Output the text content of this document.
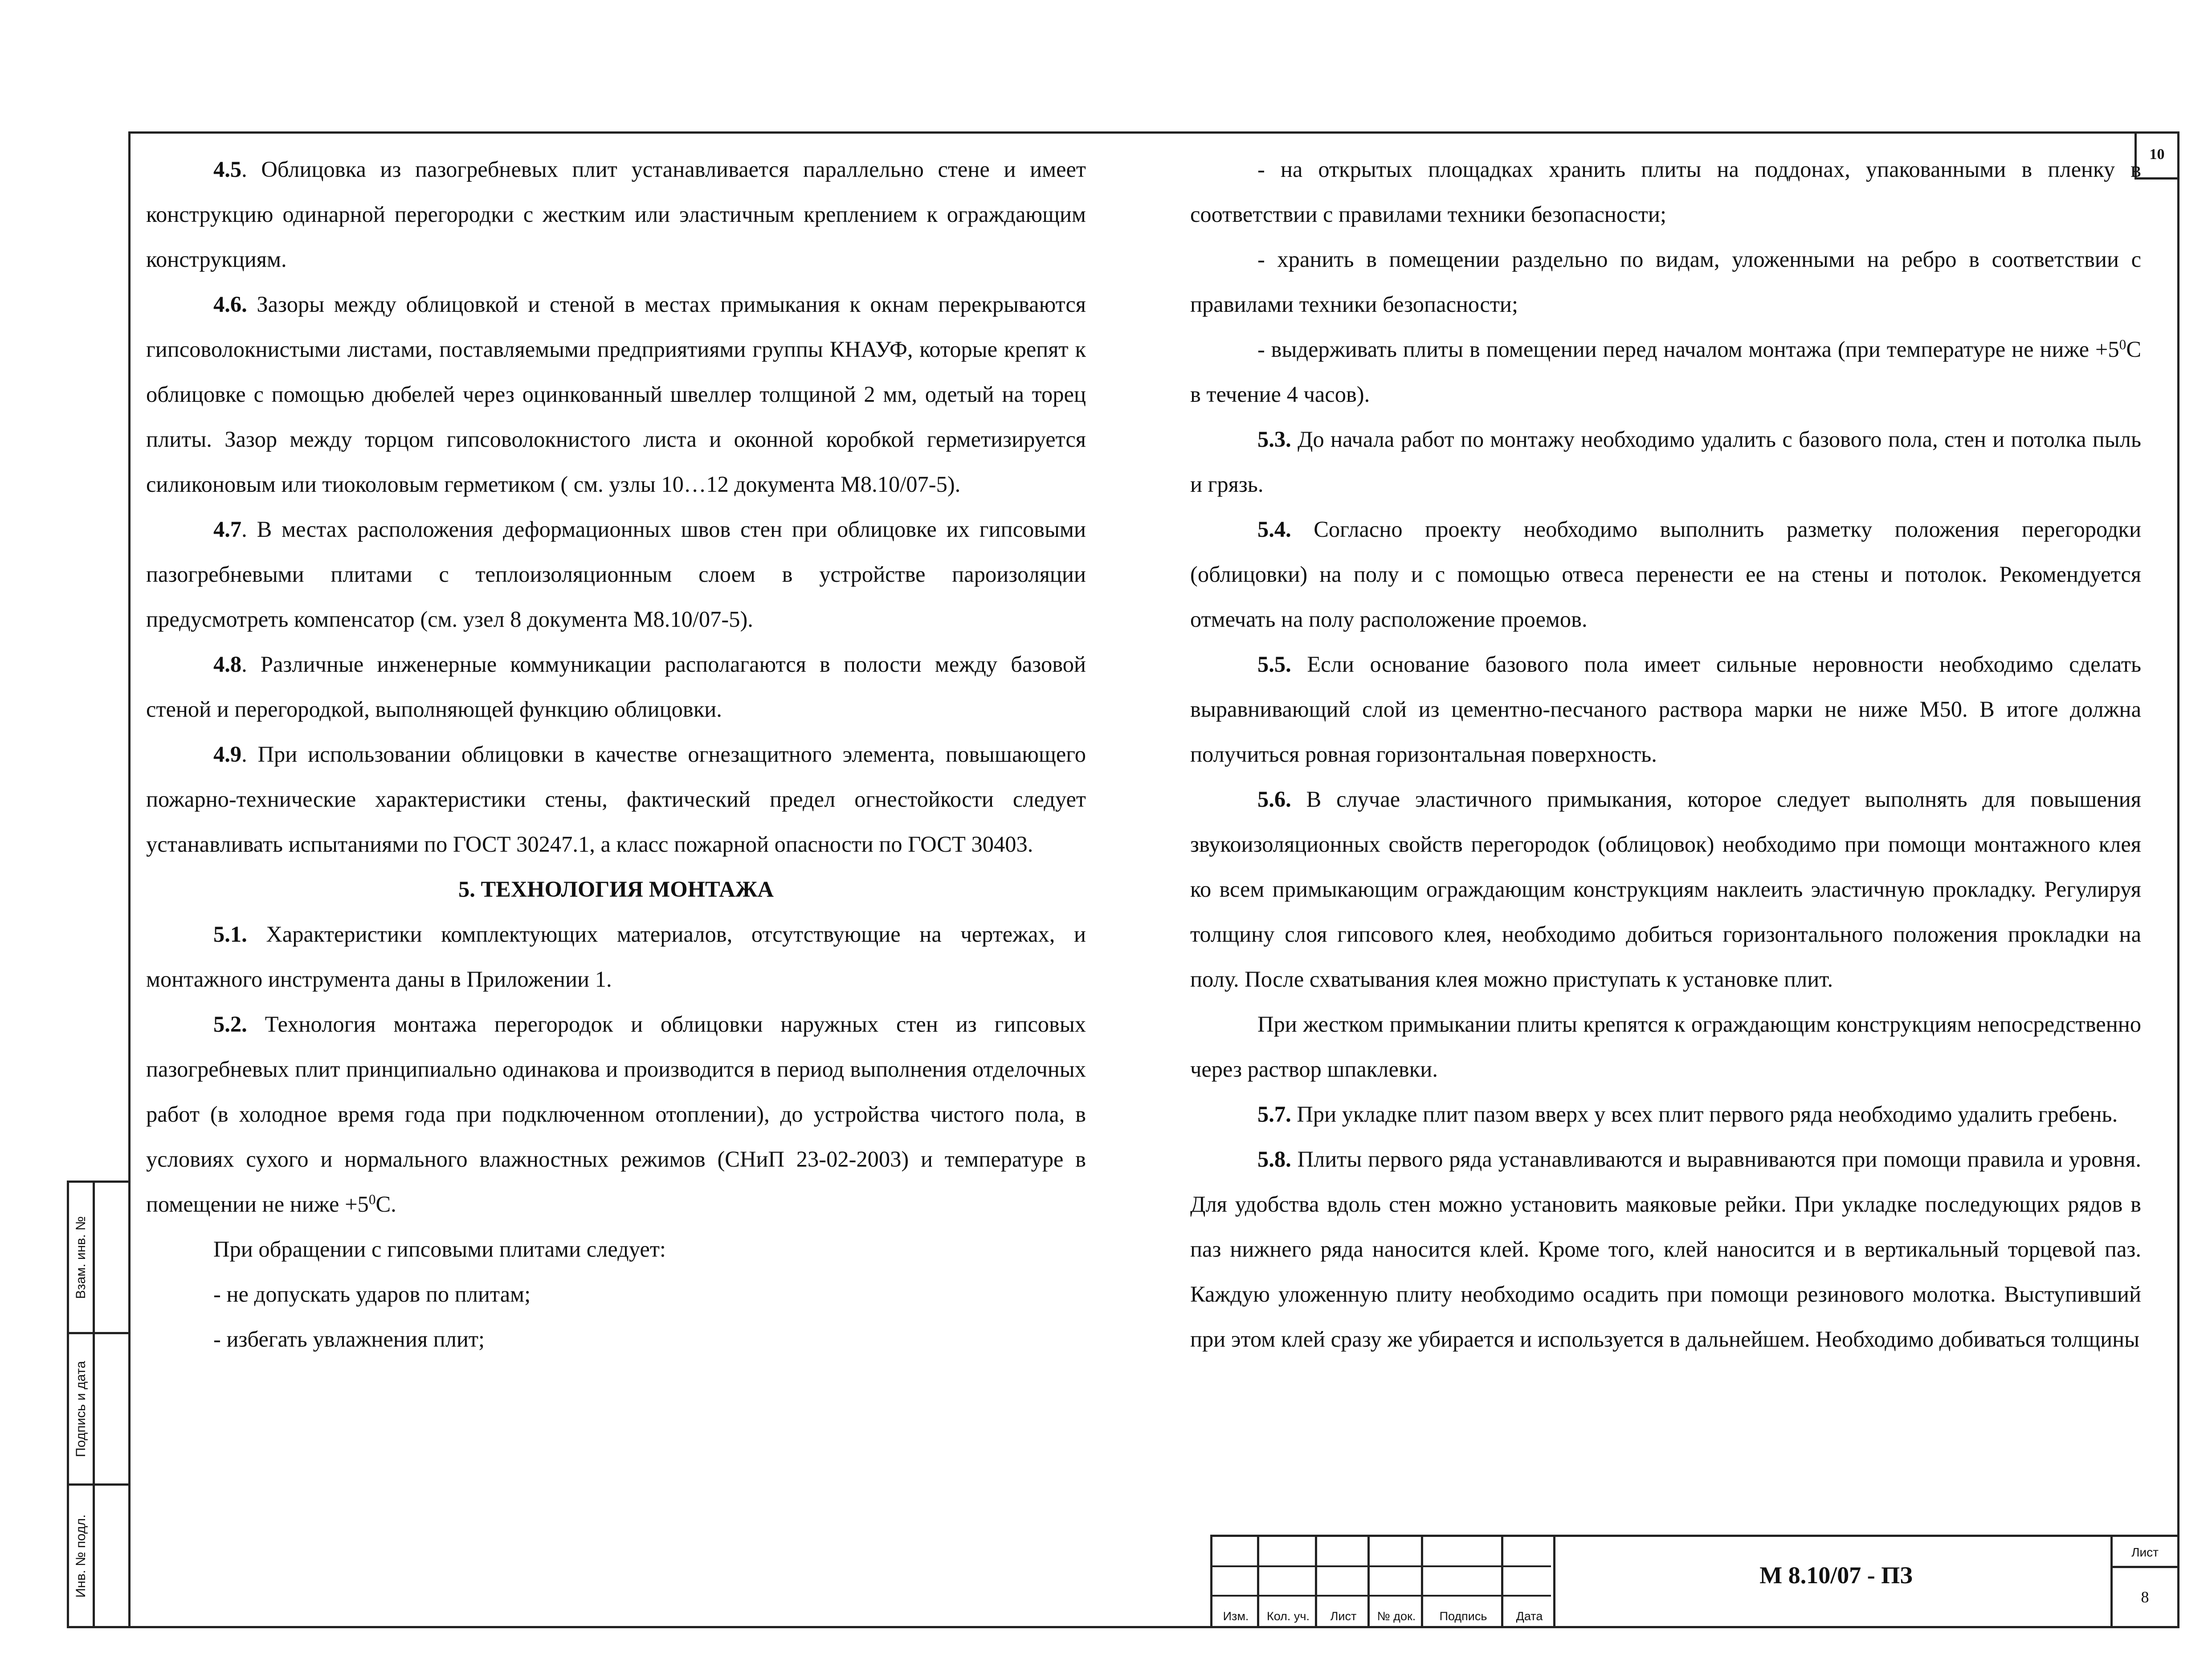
10

4.5. Облицовка из пазогребневых плит устанавливается параллельно стене и имеет конструкцию одинарной перегородки с жестким или эластичным креплением к ограждающим конструкциям.

4.6. Зазоры между облицовкой и стеной в местах примыкания к окнам перекрываются гипсоволокнистыми листами, поставляемыми предприятиями группы КНАУФ, которые крепят к облицовке с помощью дюбелей через оцинкованный швеллер толщиной 2 мм, одетый на торец плиты. Зазор между торцом гипсоволокнистого листа и оконной коробкой герметизируется силиконовым или тиоколовым герметиком ( см. узлы 10…12 документа М8.10/07-5).

4.7. В местах расположения деформационных швов стен при облицовке их гипсовыми пазогребневыми плитами с теплоизоляционным слоем в устройстве пароизоляции предусмотреть компенсатор (см. узел 8 документа М8.10/07-5).

4.8. Различные инженерные коммуникации располагаются в полости между базовой стеной и перегородкой, выполняющей функцию облицовки.

4.9. При использовании облицовки в качестве огнезащитного элемента, повышающего пожарно-технические характеристики стены, фактический предел огнестойкости следует устанавливать испытаниями по ГОСТ 30247.1, а класс пожарной опасности по ГОСТ 30403.

5. ТЕХНОЛОГИЯ МОНТАЖА

5.1. Характеристики комплектующих материалов, отсутствующие на чертежах, и монтажного инструмента даны в Приложении 1.

5.2. Технология монтажа перегородок и облицовки наружных стен из гипсовых пазогребневых плит принципиально одинакова и производится в период выполнения отделочных работ (в холодное время года при подключенном отоплении), до устройства чистого пола, в условиях сухого и нормального влажностных режимов (СНиП 23-02-2003) и температуре в помещении не ниже $+5^0С$.

При обращении с гипсовыми плитами следует:

- не допускать ударов по плитам;

- избегать увлажнения плит;

- на открытых площадках хранить плиты на поддонах, упакованными в пленку в соответствии с правилами техники безопасности;

- хранить в помещении раздельно по видам, уложенными на ребро в соответствии с правилами техники безопасности;

- выдерживать плиты в помещении перед началом монтажа (при температуре не ниже $+5^0С$ в течение 4 часов).

5.3. До начала работ по монтажу необходимо удалить с базового пола, стен и потолка пыль и грязь.

5.4. Согласно проекту необходимо выполнить разметку положения перегородки (облицовки) на полу и с помощью отвеса перенести ее на стены и потолок. Рекомендуется отмечать на полу расположение проемов.

5.5. Если основание базового пола имеет сильные неровности необходимо сделать выравнивающий слой из цементно-песчаного раствора марки не ниже М50. В итоге должна получиться ровная горизонтальная поверхность.

5.6. В случае эластичного примыкания, которое следует выполнять для повышения звукоизоляционных свойств перегородок (облицовок) необходимо при помощи монтажного клея ко всем примыкающим ограждающим конструкциям наклеить эластичную прокладку. Регулируя толщину слоя гипсового клея, необходимо добиться горизонтального положения прокладки на полу. После схватывания клея можно приступать к установке плит.

При жестком примыкании плиты крепятся к ограждающим конструкциям непосредственно через раствор шпаклевки.

5.7. При укладке плит пазом вверх у всех плит первого ряда необходимо удалить гребень.

5.8. Плиты первого ряда устанавливаются и выравниваются при помощи правила и уровня. Для удобства вдоль стен можно установить маяковые рейки. При укладке последующих рядов в паз нижнего ряда наносится клей. Кроме того, клей наносится и в вертикальный торцевой паз. Каждую уложенную плиту необходимо осадить при помощи резинового молотка. Выступивший при этом клей сразу же убирается и используется в дальнейшем. Необходимо добиваться толщины

Взам. инв. №
Подпись и дата
Инв. № подл.
Изм.	Кол. уч.	Лист	№ док.	Подпись	Дата
М 8.10/07 - ПЗ
Лист
8
